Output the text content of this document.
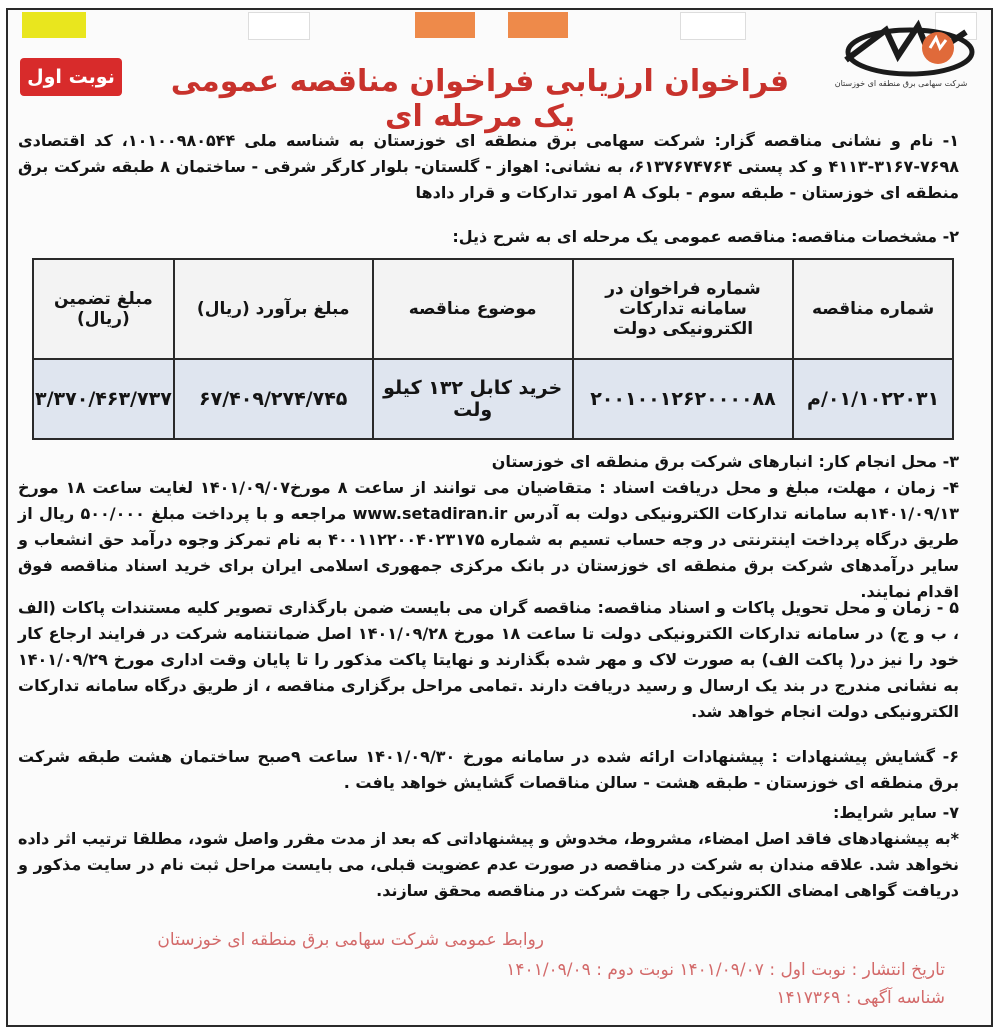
شرکت سهامی برق منطقه ای خوزستان
نوبت اول	فراخوان ارزیابی فراخوان مناقصه عمومی یک مرحله ای
۱- نام و نشانی مناقصه گزار: شرکت سهامی برق منطقه ای خوزستان به شناسه ملی ۱۰۱۰۰۹۸۰۵۴۴، کد اقتصادی ۷۶۹۸-۳۱۶۷-۴۱۱۳ و کد پستی ۶۱۳۷۶۷۴۷۶۴، به نشانی: اهواز - گلستان- بلوار کارگر شرقی - ساختمان ۸ طبقه شرکت برق منطقه ای خوزستان - طبقه سوم - بلوک A امور تدارکات و قرار دادها
۲- مشخصات مناقصه: مناقصه عمومی یک مرحله ای به شرح ذیل:
شماره مناقصه	شماره فراخوان در سامانه تدارکات الکترونیکی دولت	موضوع مناقصه	مبلغ برآورد (ریال)	مبلغ تضمین (ریال)
۰۱/۱۰۲۲۰۳۱/م	۲۰۰۱۰۰۱۲۶۲۰۰۰۰۸۸	خرید کابل ۱۳۲ کیلو ولت	۶۷/۴۰۹/۲۷۴/۷۴۵	۳/۳۷۰/۴۶۳/۷۳۷
۳- محل انجام کار: انبارهای شرکت برق منطقه ای خوزستان
۴- زمان ، مهلت، مبلغ و محل دریافت اسناد : متقاضیان می توانند از ساعت ۸ مورخ۱۴۰۱/۰۹/۰۷ لغایت ساعت ۱۸ مورخ ۱۴۰۱/۰۹/۱۳به سامانه تدارکات الکترونیکی دولت به آدرس www.setadiran.ir مراجعه و با پرداخت مبلغ ۵۰۰/۰۰۰ ریال از طریق درگاه پرداخت اینترنتی در وجه حساب تسیم به شماره ۴۰۰۱۱۲۲۰۰۴۰۲۳۱۷۵ به نام تمرکز وجوه درآمد حق انشعاب و سایر درآمدهای شرکت برق منطقه ای خوزستان در بانک مرکزی جمهوری اسلامی ایران برای خرید اسناد مناقصه فوق اقدام نمایند.
۵ - زمان و محل تحویل پاکات و اسناد مناقصه: مناقصه گران می بایست ضمن بارگذاری تصویر کلیه مستندات پاکات (الف ، ب و ج) در سامانه تدارکات الکترونیکی دولت تا ساعت ۱۸ مورخ ۱۴۰۱/۰۹/۲۸ اصل ضمانتنامه شرکت در فرایند ارجاع کار خود را نیز در( پاکت الف) به صورت لاک و مهر شده بگذارند و نهایتا پاکت مذکور را تا پایان وقت اداری مورخ ۱۴۰۱/۰۹/۲۹ به نشانی مندرج در بند یک ارسال و رسید دریافت دارند .تمامی مراحل برگزاری مناقصه ، از طریق درگاه سامانه تدارکات الکترونیکی دولت انجام خواهد شد.
۶- گشایش پیشنهادات : پیشنهادات ارائه شده در سامانه مورخ ۱۴۰۱/۰۹/۳۰ ساعت ۹صبح ساختمان هشت طبقه شرکت برق منطقه ای خوزستان - طبقه هشت - سالن مناقصات گشایش خواهد یافت .
۷- سایر شرایط:
*به پیشنهادهای فاقد اصل امضاء، مشروط، مخدوش و پیشنهاداتی که بعد از مدت مقرر واصل شود، مطلقا ترتیب اثر داده نخواهد شد. علاقه مندان به شرکت در مناقصه در صورت عدم عضویت قبلی، می بایست مراحل ثبت نام در سایت مذکور و دریافت گواهی امضای الکترونیکی را جهت شرکت در مناقصه محقق سازند.
روابط عمومی شرکت سهامی برق منطقه ای خوزستان
تاریخ انتشار : نوبت اول : ۱۴۰۱/۰۹/۰۷ نوبت دوم : ۱۴۰۱/۰۹/۰۹
شناسه آگهی : ۱۴۱۷۳۶۹
